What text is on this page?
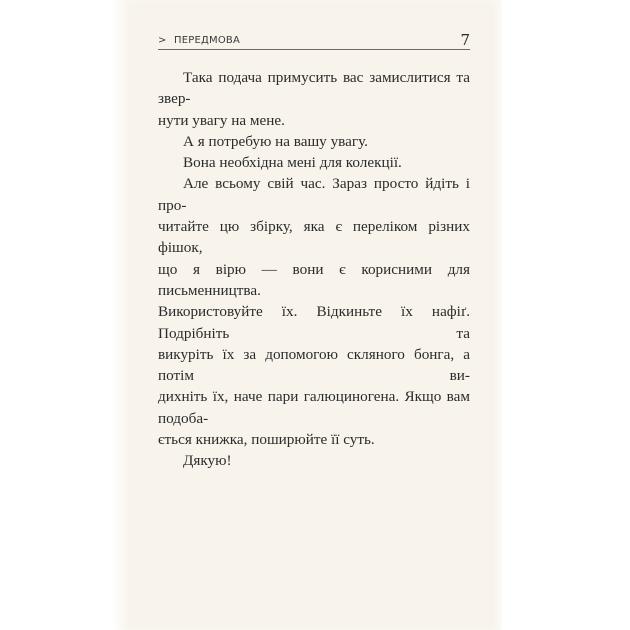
> ПЕРЕДМОВА	7
Така подача примусить вас замислитися та звер-
нути увагу на мене.
А я потребую на вашу увагу.
Вона необхідна мені для колекції.
Але всьому свій час. Зараз просто йдіть і про-
читайте цю збірку, яка є переліком різних фішок,
що я вірю — вони є корисними для письменництва.
Використовуйте їх. Відкиньте їх нафіґ. Подрібніть та
викуріть їх за допомогою скляного бонга, а потім ви-
дихніть їх, наче пари галюциногена. Якщо вам подоба-
ється книжка, поширюйте її суть.
Дякую!
